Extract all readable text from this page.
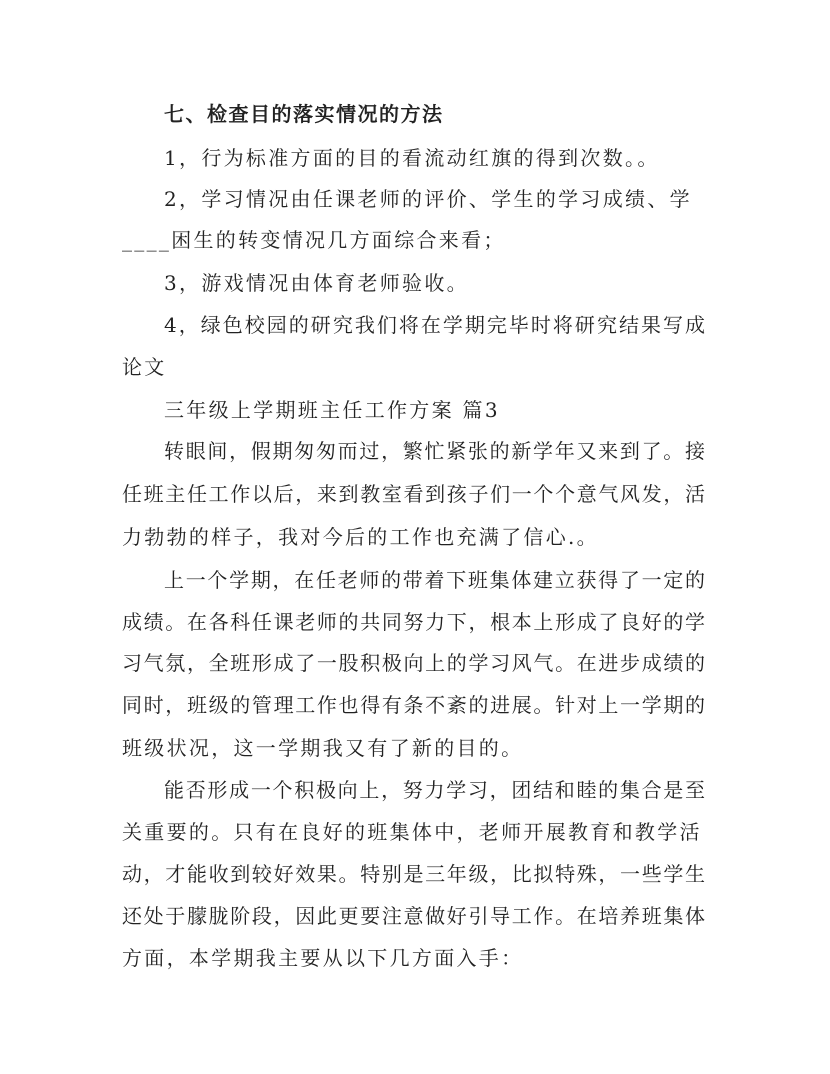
七、检查目的落实情况的方法
1，行为标准方面的目的看流动红旗的得到次数。。
2，学习情况由任课老师的评价、学生的学习成绩、学
____困生的转变情况几方面综合来看；
3，游戏情况由体育老师验收。
4，绿色校园的研究我们将在学期完毕时将研究结果写成
论文
三年级上学期班主任工作方案 篇3
转眼间，假期匆匆而过，繁忙紧张的新学年又来到了。接
任班主任工作以后，来到教室看到孩子们一个个意气风发，活
力勃勃的样子，我对今后的工作也充满了信心.。
上一个学期，在任老师的带着下班集体建立获得了一定的
成绩。在各科任课老师的共同努力下，根本上形成了良好的学
习气氛，全班形成了一股积极向上的学习风气。在进步成绩的
同时，班级的管理工作也得有条不紊的进展。针对上一学期的
班级状况，这一学期我又有了新的目的。
能否形成一个积极向上，努力学习，团结和睦的集合是至
关重要的。只有在良好的班集体中，老师开展教育和教学活
动，才能收到较好效果。特别是三年级，比拟特殊，一些学生
还处于朦胧阶段，因此更要注意做好引导工作。在培养班集体
方面，本学期我主要从以下几方面入手：
